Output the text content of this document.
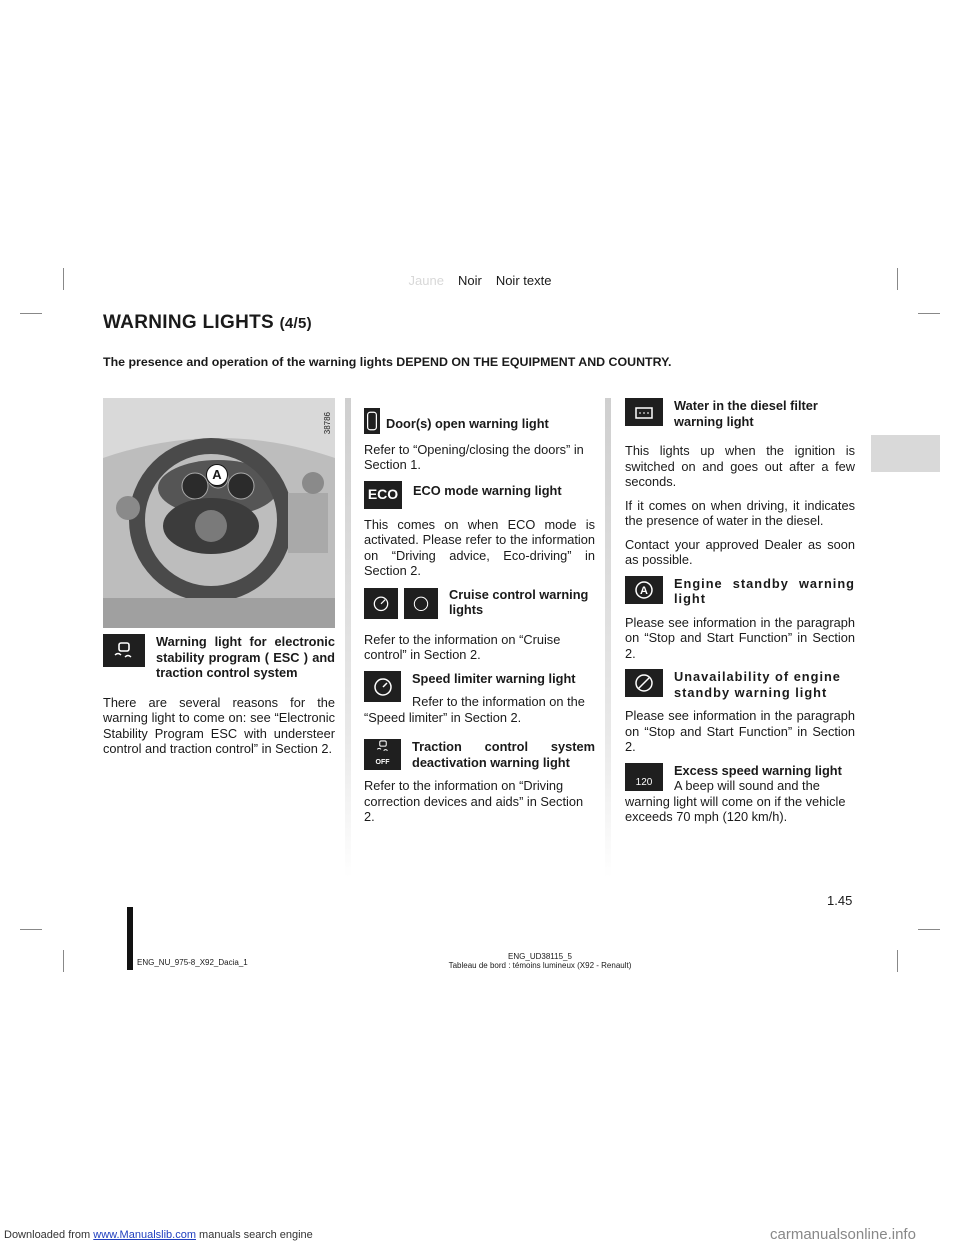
Jaune Noir Noir texte
WARNING LIGHTS (4/5)
The presence and operation of the warning lights DEPEND ON THE EQUIPMENT AND COUNTRY.
A
38786

Warning light for electronic stability program ( ESC ) and traction control system

There are several reasons for the warning light to come on: see “Electronic Stability Program ESC with understeer control and traction control” in Section 2.

Door(s) open warning light

Refer to “Opening/closing the doors” in Section 1.

ECO	ECO mode warning light

This comes on when ECO mode is activated. Please refer to the information on “Driving advice, Eco-driving” in Section 2.

Cruise control warning lights

Refer to the information on “Cruise control” in Section 2.

Speed limiter warning light

Refer to the information on the “Speed limiter” in Section 2.

OFF

Traction control system deactivation warning light

Refer to the information on “Driving correction devices and aids” in Section 2.

Water in the diesel filter warning light

This lights up when the ignition is switched on and goes out after a few seconds.

If it comes on when driving, it indicates the presence of water in the diesel.

Contact your approved Dealer as soon as possible.

A	Engine standby warning light

Please see information in the paragraph on “Stop and Start Function” in Section 2.

Unavailability of engine standby warning light

Please see information in the paragraph on “Stop and Start Function” in Section 2.

120

Excess speed warning light

A beep will sound and the warning light will come on if the vehicle exceeds 70 mph (120 km/h).

1.45
ENG_NU_975-8_X92_Dacia_1
ENG_UD38115_5
Tableau de bord : témoins lumineux (X92 - Renault)
Downloaded from www.Manualslib.com manuals search engine	carmanualsonline.info
